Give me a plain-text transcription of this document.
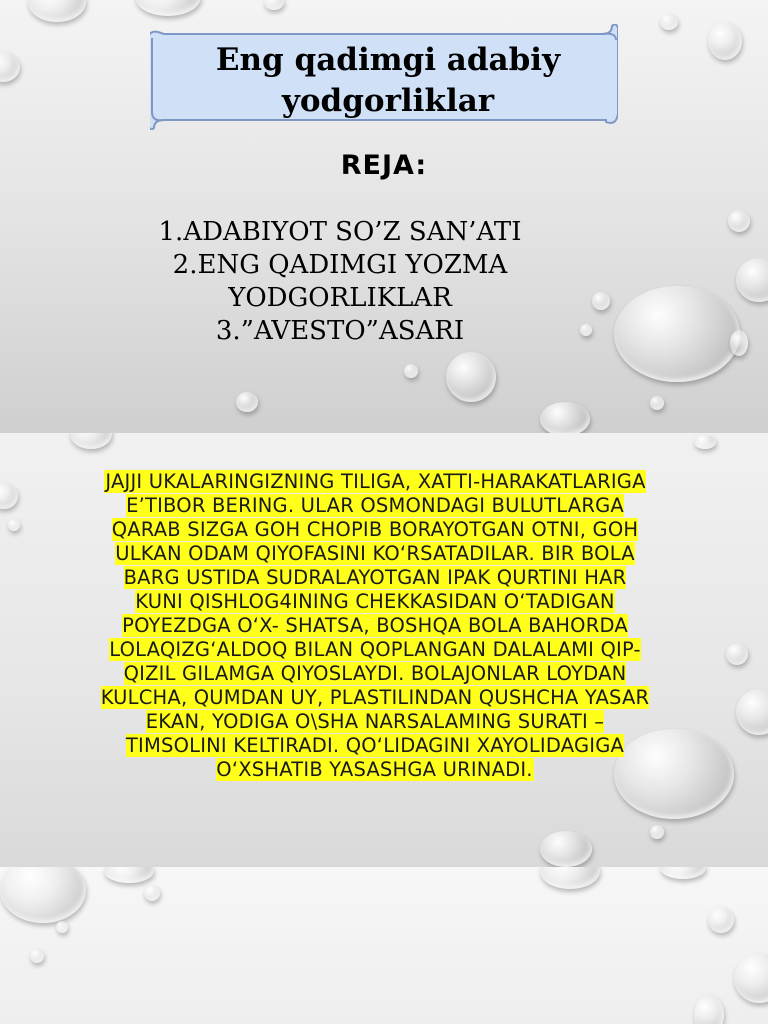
Eng qadimgi adabiy
yodgorliklar
REJA:
1.ADABIYOT SO’Z SAN’ATI
2.ENG QADIMGI YOZMA YODGORLIKLAR
3.”AVESTO”ASARI
JAJJI UKALARINGIZNING TILIGA, XATTI-HARAKATLARIGA E’TIBOR BERING. ULAR OSMONDAGI BULUTLARGA QARAB SIZGA GOH CHOPIB BORAYOTGAN OTNI, GOH ULKAN ODAM QIYOFASINI KO‘RSATADILAR. BIR BOLA BARG USTIDA SUDRALAYOTGAN IPAK QURTINI HAR KUNI QISHLOG4INING CHEKKASIDAN O‘TADIGAN POYEZDGA O‘X- SHATSA, BOSHQA BOLA BAHORDA LOLAQIZG‘ALDOQ BILAN QOPLANGAN DALALAMI QIP-QIZIL GILAMGA QIYOSLAYDI. BOLAJONLAR LOYDAN KULCHA, QUMDAN UY, PLASTILINDAN QUSHCHA YASAR EKAN, YODIGA O\SHA NARSALAMING SURATI – TIMSOLINI KELTIRADI. QO‘LIDAGINI XAYOLIDAGIGA O‘XSHATIB YASASHGA URINADI.
